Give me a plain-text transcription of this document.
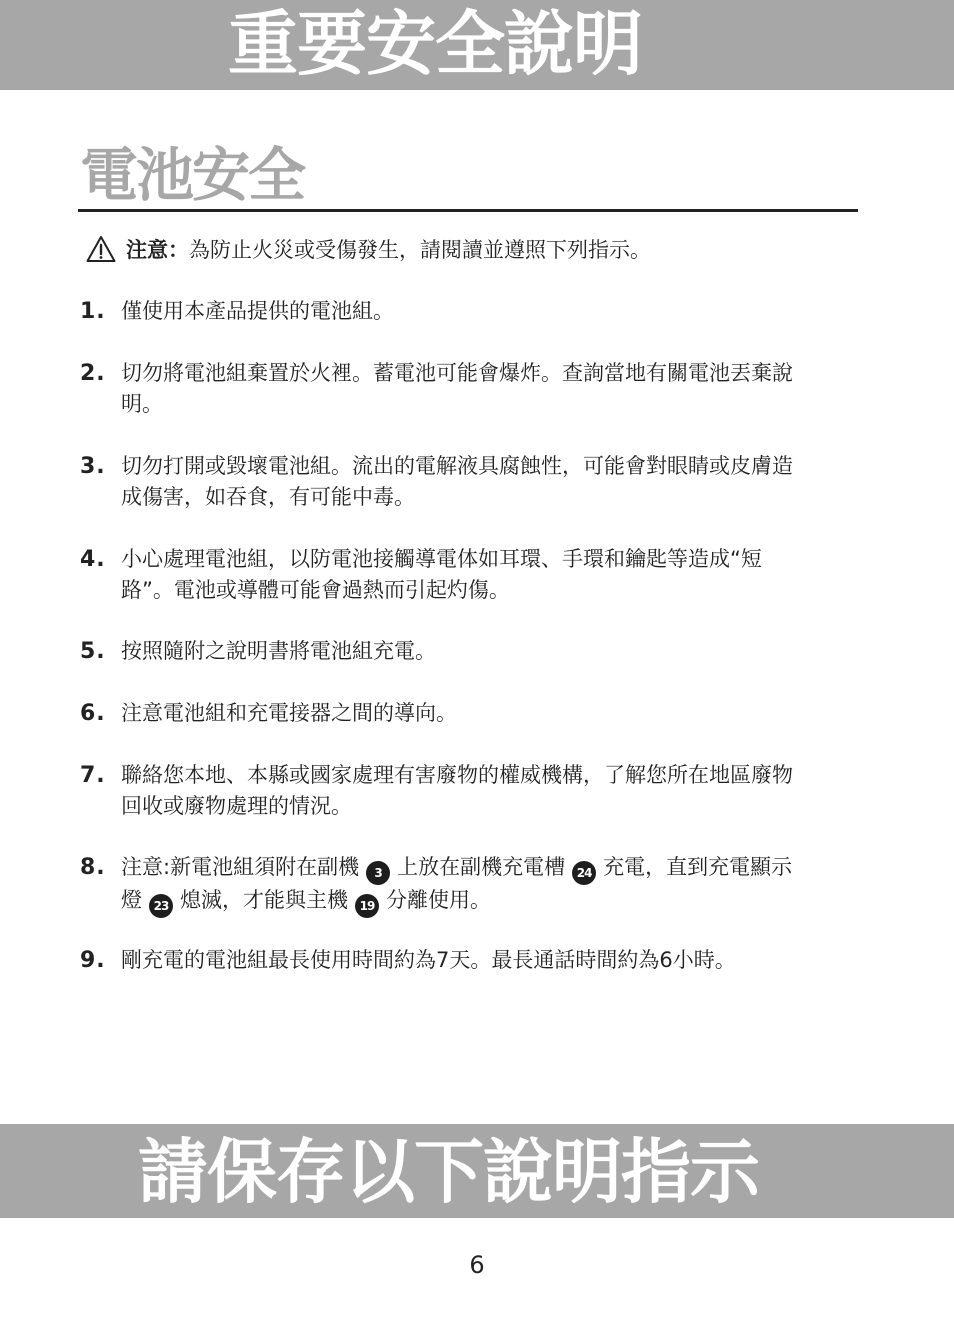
重要安全說明
電池安全
注意： 為防止火災或受傷發生，請閱讀並遵照下列指示。
1. 僅使用本產品提供的電池組。
2. 切勿將電池組棄置於火裡。蓄電池可能會爆炸。查詢當地有關電池丟棄說明。
3. 切勿打開或毀壞電池組。流出的電解液具腐蝕性，可能會對眼睛或皮膚造成傷害，如吞食，有可能中毒。
4. 小心處理電池組，以防電池接觸導電体如耳環、手環和鑰匙等造成“短路”。電池或導體可能會過熱而引起灼傷。
5. 按照隨附之說明書將電池組充電。
6. 注意電池組和充電接器之間的導向。
7. 聯絡您本地、本縣或國家處理有害廢物的權威機構，了解您所在地區廢物回收或廢物處理的情況。
8. 注意:新電池組須附在副機 3 上放在副機充電槽 24 充電，直到充電顯示燈 23 熄滅，才能與主機 19 分離使用。
9. 剛充電的電池組最長使用時間約為7天。最長通話時間約為6小時。
請保存以下說明指示
6
